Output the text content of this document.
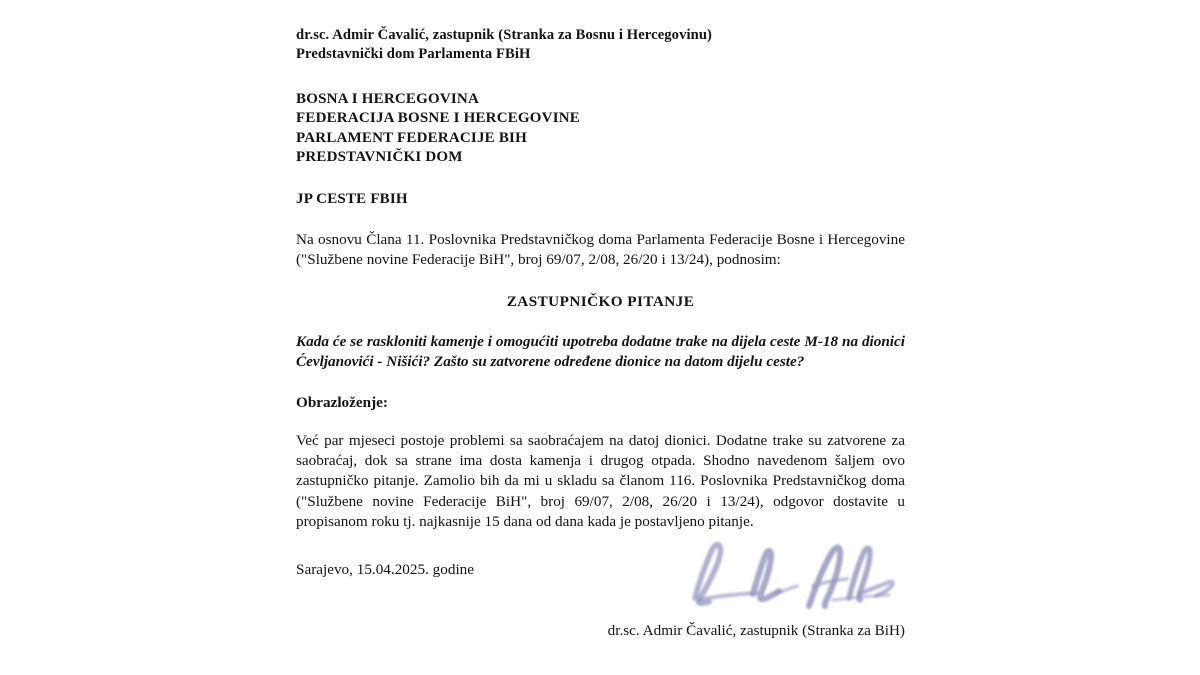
dr.sc. Admir Čavalić, zastupnik (Stranka za Bosnu i Hercegovinu)
Predstavnički dom Parlamenta FBiH
BOSNA I HERCEGOVINA
FEDERACIJA BOSNE I HERCEGOVINE
PARLAMENT FEDERACIJE BIH
PREDSTAVNIČKI DOM
JP CESTE FBIH

Na osnovu Člana 11. Poslovnika Predstavničkog doma Parlamenta Federacije Bosne i Hercegovine ("Službene novine Federacije BiH", broj 69/07, 2/08, 26/20 i 13/24), podnosim:

ZASTUPNIČKO PITANJE

Kada će se raskloniti kamenje i omogućiti upotreba dodatne trake na dijela ceste M-18 na dionici Ćevljanovići - Nišići? Zašto su zatvorene određene dionice na datom dijelu ceste?

Obrazloženje:

Već par mjeseci postoje problemi sa saobraćajem na datoj dionici. Dodatne trake su zatvorene za saobraćaj, dok sa strane ima dosta kamenja i drugog otpada. Shodno navedenom šaljem ovo zastupničko pitanje. Zamolio bih da mi u skladu sa članom 116. Poslovnika Predstavničkog doma ("Službene novine Federacije BiH", broj 69/07, 2/08, 26/20 i 13/24), odgovor dostavite u propisanom roku tj. najkasnije 15 dana od dana kada je postavljeno pitanje.

Sarajevo, 15.04.2025. godine
dr.sc. Admir Čavalić, zastupnik (Stranka za BiH)
